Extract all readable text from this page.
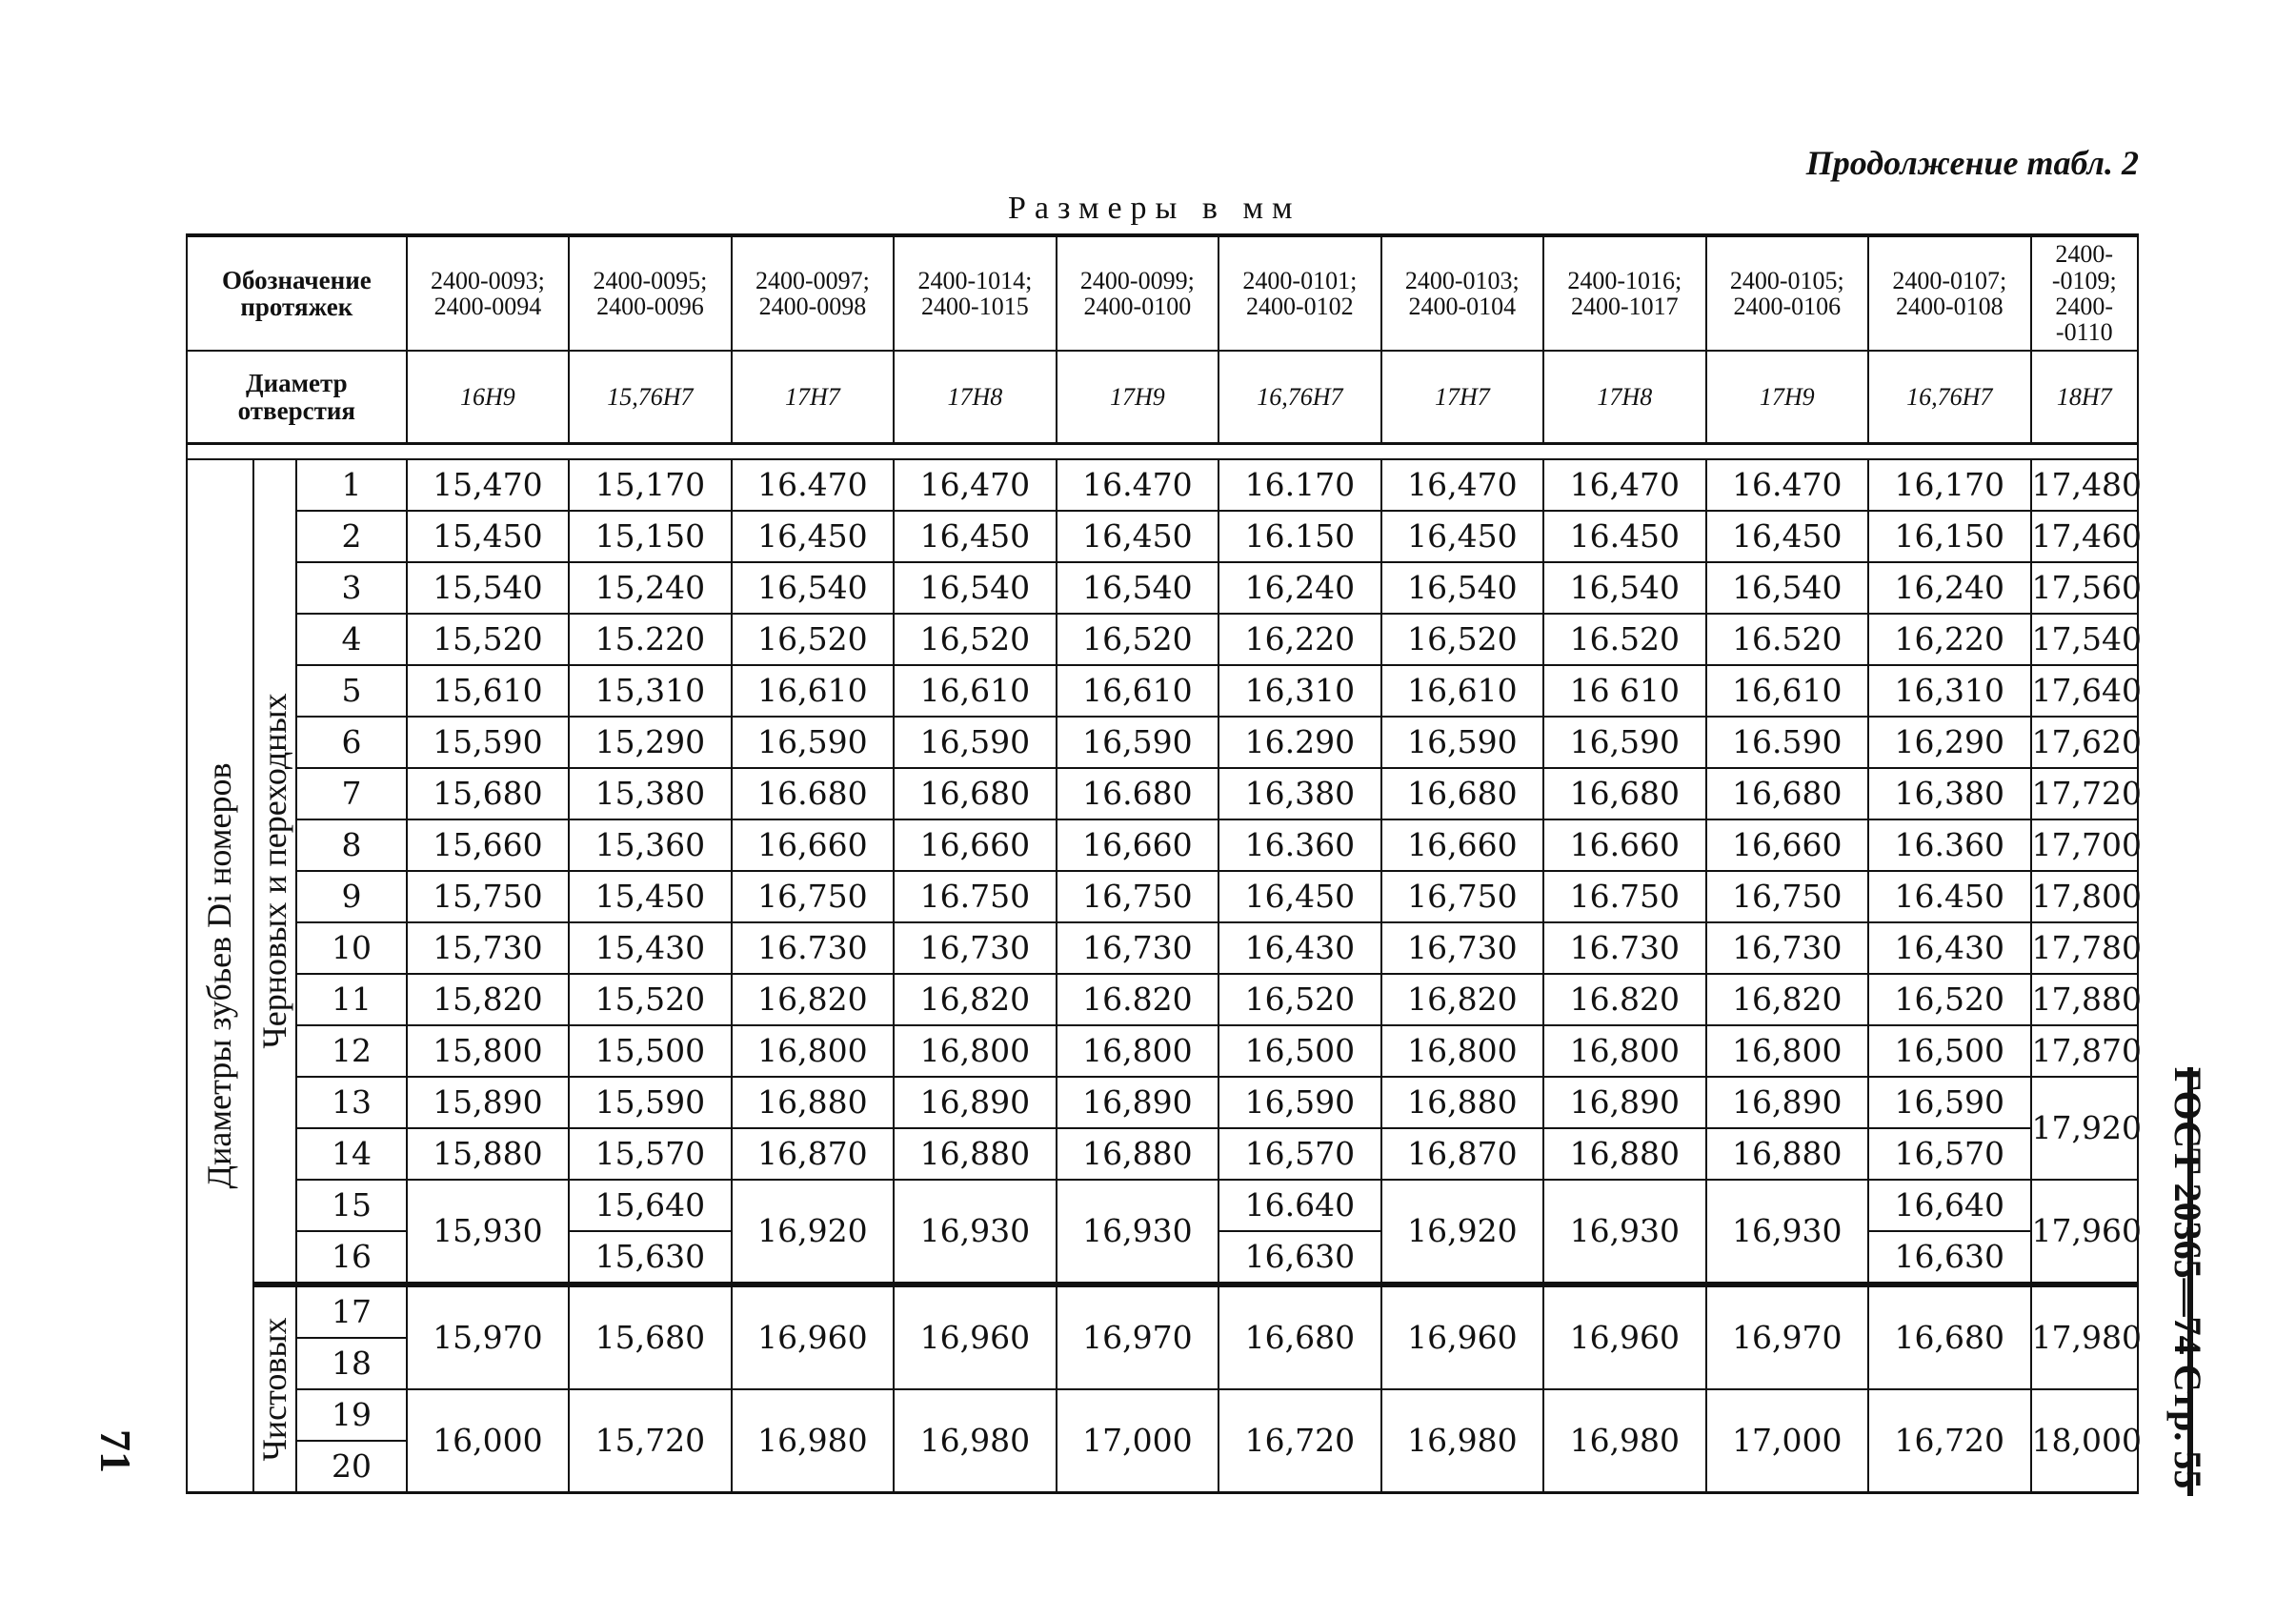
Продолжение табл. 2
Размеры в мм
71	ГОСТ 20365—74 Стр. 55
Обозначение протяжек			2400-0093; 2400-0094	2400-0095; 2400-0096	2400-0097; 2400-0098	2400-1014; 2400-1015	2400-0099; 2400-0100	2400-0101; 2400-0102	2400-0103; 2400-0104	2400-1016; 2400-1017	2400-0105; 2400-0106	2400-0107; 2400-0108	2400- -0109; 2400- -0110
Диаметр отверстия			16H9	15,76H7	17H7	17H8	17H9	16,76H7	17H7	17H8	17H9	16,76H7	18H7

Диаметры зубьев Di номеров	Черновых и переходных	1	15,470	15,170	16.470	16,470	16.470	16.170	16,470	16,470	16.470	16,170	17,480
		2	15,450	15,150	16,450	16,450	16,450	16.150	16,450	16.450	16,450	16,150	17,460
		3	15,540	15,240	16,540	16,540	16,540	16,240	16,540	16,540	16,540	16,240	17,560
		4	15,520	15.220	16,520	16,520	16,520	16,220	16,520	16.520	16.520	16,220	17,540
		5	15,610	15,310	16,610	16,610	16,610	16,310	16,610	16 610	16,610	16,310	17,640
		6	15,590	15,290	16,590	16,590	16,590	16.290	16,590	16,590	16.590	16,290	17,620
		7	15,680	15,380	16.680	16,680	16.680	16,380	16,680	16,680	16,680	16,380	17,720
		8	15,660	15,360	16,660	16,660	16,660	16.360	16,660	16.660	16,660	16.360	17,700
		9	15,750	15,450	16,750	16.750	16,750	16,450	16,750	16.750	16,750	16.450	17,800
		10	15,730	15,430	16.730	16,730	16,730	16,430	16,730	16.730	16,730	16,430	17,780
		11	15,820	15,520	16,820	16,820	16.820	16,520	16,820	16.820	16,820	16,520	17,880
		12	15,800	15,500	16,800	16,800	16,800	16,500	16,800	16,800	16,800	16,500	17,870
		13	15,890	15,590	16,880	16,890	16,890	16,590	16,880	16,890	16,890	16,590	17,920
		14	15,880	15,570	16,870	16,880	16,880	16,570	16,870	16,880	16,880	16,570	
		15	15,930	15,640	16,920	16,930	16,930	16.640	16,920	16,930	16,930	16,640	17,960
		16		15,630				16,630				16,630	

	Чистовых	17	15,970	15,680	16,960	16,960	16,970	16,680	16,960	16,960	16,970	16,680	17,980
		18											
		19	16,000	15,720	16,980	16,980	17,000	16,720	16,980	16,980	17,000	16,720	18,000
		20											
